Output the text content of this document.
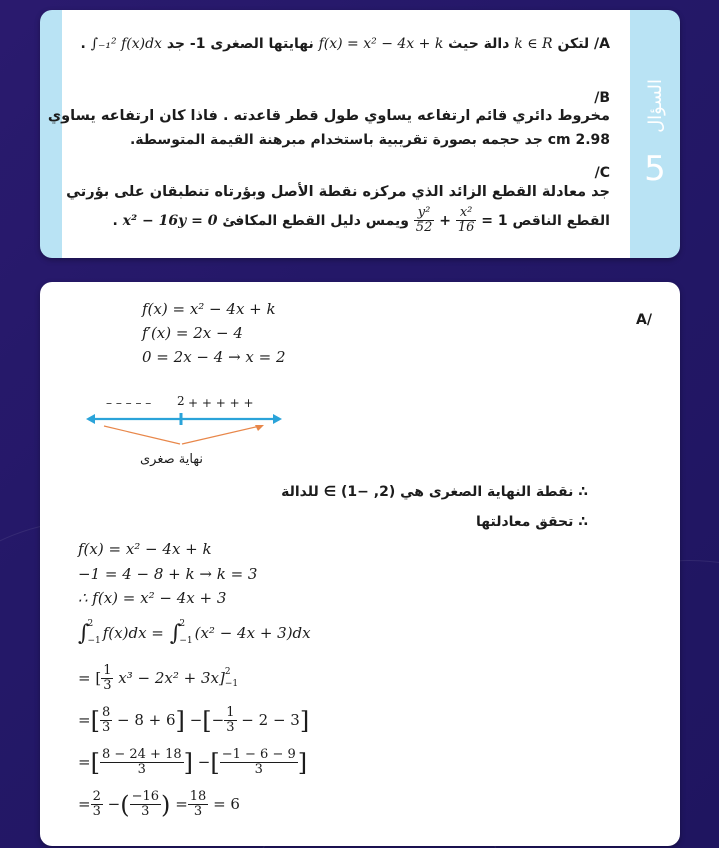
السؤال
5
A/ لتكن k ∈ R دالة حيث f(x) = x² − 4x + k نهايتها الصغرى -1 جد ∫₋₁² f(x)dx .
B/
مخروط دائري قائم ارتفاعه يساوي طول قطر قاعدته . فاذا كان ارتفاعه يساوي
2.98 cm جد حجمه بصورة تقريبية باستخدام مبرهنة القيمة المتوسطة.
C/
جد معادلة القطع الزائد الذي مركزه نقطة الأصل وبؤرتاه تنطبقان على بؤرتي
القطع الناقص
$\frac{\text{y²}}{52} + \frac{\text{x²}}{16} = 1$ ويمس دليل القطع المكافئ x² − 16y = 0 .
A/
f(x) = x² − 4x + k
f′(x) = 2x − 4
0 = 2x − 4 → x = 2
– – – – – 2 + + + + +
نهاية صغرى
∴ نقطة النهاية الصغرى هي (2, −1) ∋ للدالة
∴ تحقق معادلتها
f(x) = x² − 4x + k
−1 = 4 − 8 + k → k = 3
∴ f(x) = x² − 4x + 3
∫
2
−1 f(x)dx = ∫
2
−1 (x² − 4x + 3)dx
= [ $\frac{1}{3} x^3 - 2x^2 + 3x$] 2
−1
=[ $\frac{8}{3} - 8 + 6$] −[− $\frac{1}{3} - 2 - 3$]
=[ $\frac{8 - 24 + 18}{3}$ ] −[ $\frac{-1 - 6 - 9}{3}$ ]
= $\frac{2}{3}$ −( $\frac{-16}{3}$ ) = $\frac{18}{3} = 6$
